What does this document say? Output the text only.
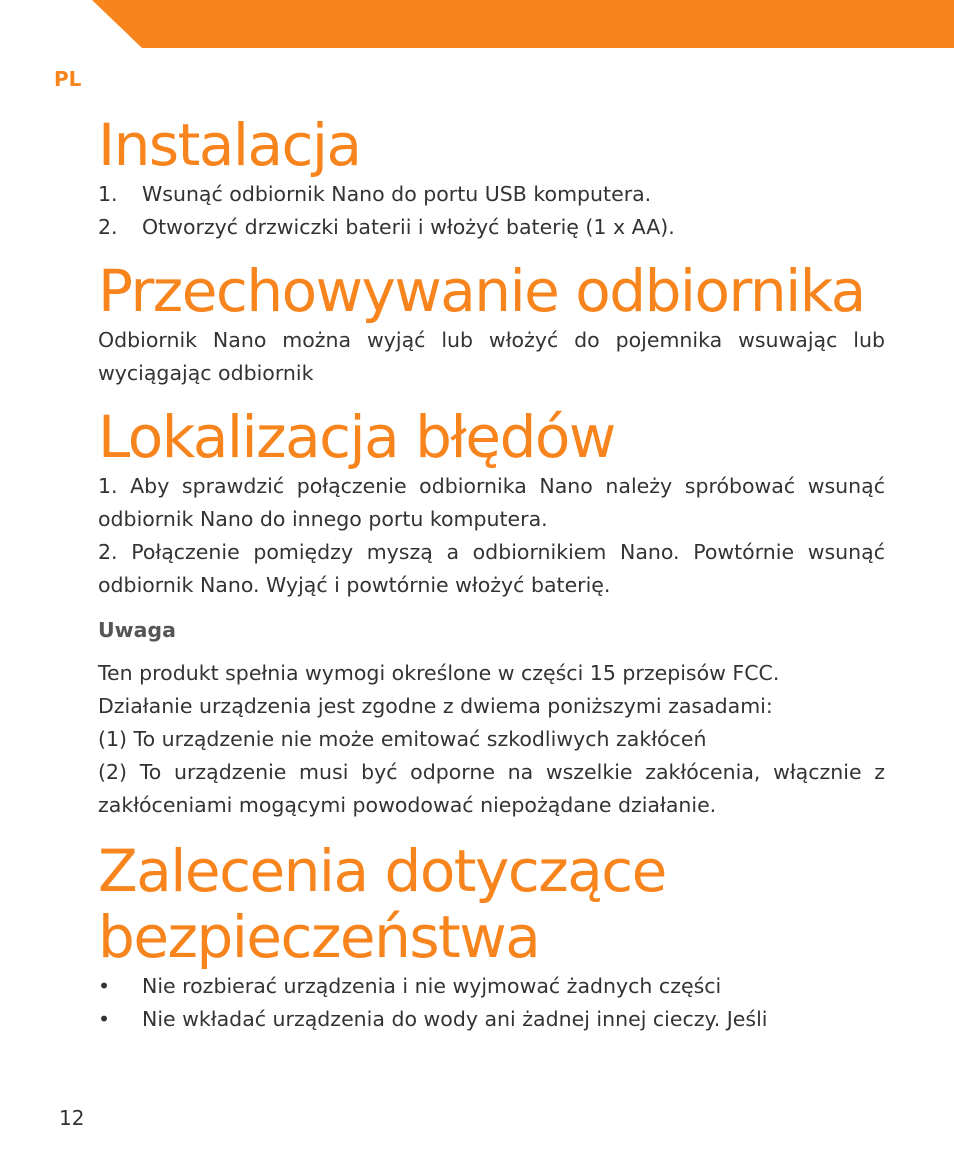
PL
Instalacja
1. Wsunąć odbiornik Nano do portu USB komputera.
2. Otworzyć drzwiczki baterii i włożyć baterię (1 x AA).
Przechowywanie odbiornika

Odbiornik Nano można wyjąć lub włożyć do pojemnika wsuwając lub wyciągając odbiornik

Lokalizacja błędów

1. Aby sprawdzić połączenie odbiornika Nano należy spróbować wsunąć odbiornik Nano do innego portu komputera.

2. Połączenie pomiędzy myszą a odbiornikiem Nano. Powtórnie wsunąć odbiornik Nano. Wyjąć i powtórnie włożyć baterię.

Uwaga

Ten produkt spełnia wymogi określone w części 15 przepisów FCC.

Działanie urządzenia jest zgodne z dwiema poniższymi zasadami:

(1) To urządzenie nie może emitować szkodliwych zakłóceń

(2) To urządzenie musi być odporne na wszelkie zakłócenia, włącznie z zakłóceniami mogącymi powodować niepożądane działanie.

Zalecenia dotyczące
bezpieczeństwa
• Nie rozbierać urządzenia i nie wyjmować żadnych części
• Nie wkładać urządzenia do wody ani żadnej innej cieczy. Jeśli
12
